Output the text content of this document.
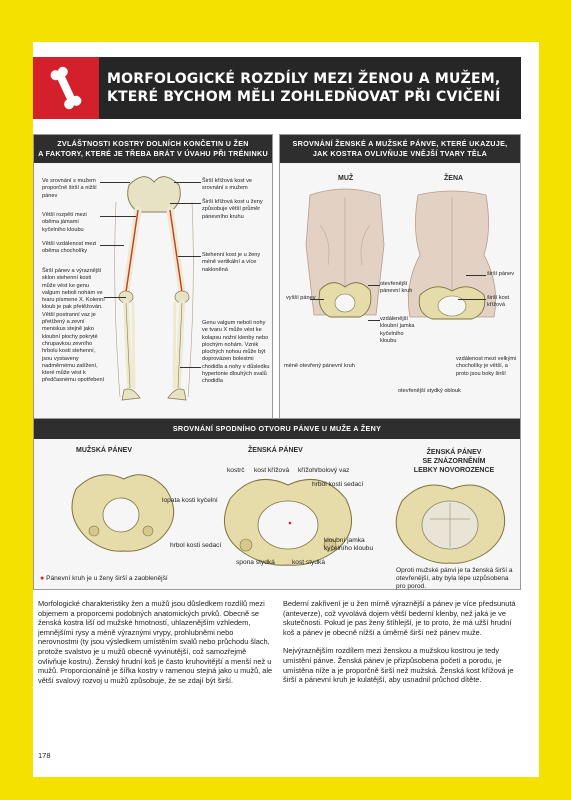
MORFOLOGICKÉ ROZDÍLY MEZI ŽENOU A MUŽEM,
KTERÉ BYCHOM MĚLI ZOHLEDŇOVAT PŘI CVIČENÍ
ZVLÁŠTNOSTI KOSTRY DOLNÍCH KONČETIN U ŽEN
A FAKTORY, KTERÉ JE TŘEBA BRÁT V ÚVAHU PŘI TRÉNINKU
Ve srovnání s mužem proporčně širší a nižší pánev
Větší rozpětí mezi oběma jámami kyčelního kloubu
Větší vzdálenost mezi oběma chocholíky
Širší pánev a výraznější sklon stehenní kosti může vést ke genu valgum neboli nohám ve tvaru písmene X. Kolenní kloub je pak přetěžován. Větší postranní vaz je přetížený a zevní meniskus stejně jako kloubní plochy pokryté chrupavkou zevního hrbolu kosti stehenní, jsou vystaveny nadměrnému zatížení, které může vést k předčasnému opotřebení
Širší křížová kost ve srovnání s mužem
Širší křížová kost u ženy způsobuje větší průměr pánevního kruhu
Stehenní kost je u ženy méně vertikální a více nakloněná
Genu valgum neboli nohy ve tvaru X může vést ke kolapsu nožní klenby nebo plochým nohám. Vznik plochých nohou může být doprovázen bolestmi chodidla a nohy v důsledku hypertonie dlouhých svalů chodidla
SROVNÁNÍ ŽENSKÉ A MUŽSKÉ PÁNVE, KTERÉ UKAZUJE,
JAK KOSTRA OVLIVŇUJE VNĚJŠÍ TVARY TĚLA
MUŽ	ŽENA
vyšší pánev
otevřenější pánevní kruh
vzdálenější kloubní jamka kyčelního kloubu
méně otevřený pánevní kruh
otevřenější stydký oblouk
širší pánev
širší kost křížová
vzdálenost mezi velkými chocholíky je větší, a proto jsou boky širší
SROVNÁNÍ SPODNÍHO OTVORU PÁNVE U MUŽE A ŽENY
MUŽSKÁ PÁNEV	ŽENSKÁ PÁNEV	ŽENSKÁ PÁNEV
SE ZNÁZORNĚNÍM
LEBKY NOVOROZENCE
kostrč kost křížová křížohrbolový vaz
hrbol kosti sedací
lopata kosti kyčelní
hrbol kosti sedací
kloubní jamka kyčelního kloubu
spona stydká	kost stydká
● Pánevní kruh je u ženy širší a zaoblenější
Oproti mužské pánvi je ta ženská širší a otevřenější, aby byla lépe uzpůsobena pro porod.

Morfologické charakteristiky žen a mužů jsou důsledkem rozdílů mezi objemem a proporcemi podobných anatomických prvků. Obecně se ženská kostra liší od mužské hmotností, uhlazenějším vzhledem, jemnějšími rysy a méně výraznými vrypy, prohlubněmi nebo nerovnostmi (ty jsou výsledkem umístěním svalů nebo průchodu šlach, protože svalstvo je u mužů obecně vyvinutější, což samozřejmě ovlivňuje kostru). Ženský hrudní koš je často kruhovitější a menší než u mužů. Proporcionálně je šířka kostry v ramenou stejná jako u mužů, ale větší svalový rozvoj u mužů způsobuje, že se zdají být širší.

Bederní zakřivení je u žen mírně výraznější a pánev je více předsunutá (anteverze), což vyvolává dojem větší bederní klenby, než jaká je ve skutečnosti. Pokud je pas ženy štíhlejší, je to proto, že má užší hrudní koš a pánev je obecně nížší a úměrně širší než pánev muže.

Nejvýraznějším rozdílem mezi ženskou a mužskou kostrou je tedy umístění pánve. Ženská pánev je přizpůsobena početí a porodu, je umístěna níže a je proporčně širší než mužská. Ženská kost křížová je širší a pánevní kruh je kulatější, aby usnadnil průchod dítěte.

178
